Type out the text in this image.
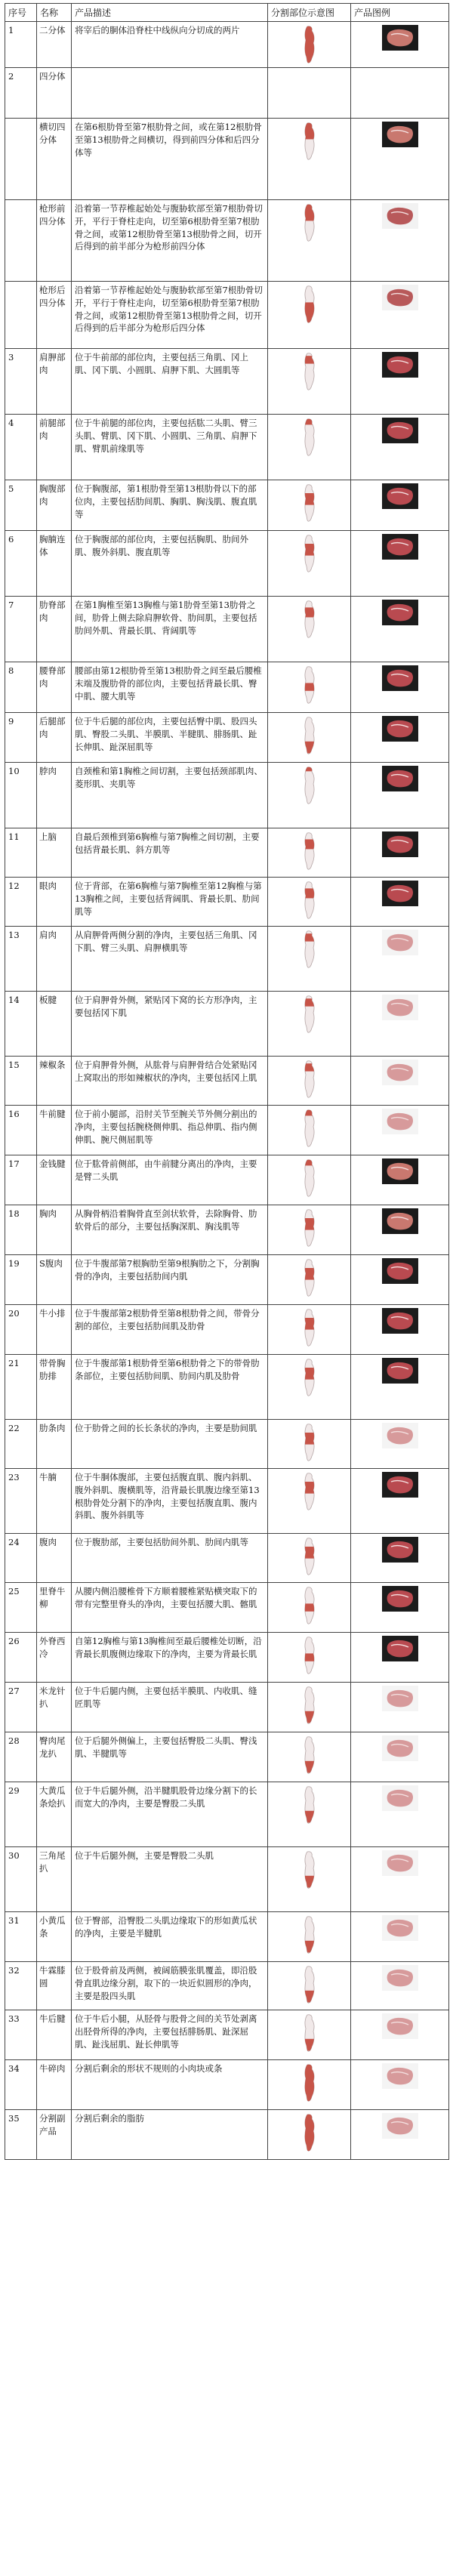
序号	名称	产品描述	分割部位示意图	产品图例
1	二分体	将宰后的胴体沿脊柱中线纵向分切成的两片	

2	四分体			
	横切四分体	在第6根肋骨至第7根肋骨之间，或在第12根肋骨至第13根肋骨之间横切，得到前四分体和后四分体等	

	枪形前四分体	沿着第一节荐椎起始处与腹胁软部至第7根肋骨切开，平行于脊柱走向，切至第6根肋骨至第7根肋骨之间，或第12根肋骨至第13根肋骨之间，切开后得到的前半部分为枪形前四分体	

	枪形后四分体	沿着第一节荐椎起始处与腹胁软部至第7根肋骨切开，平行于脊柱走向，切至第6根肋骨至第7根肋骨之间，或第12根肋骨至第13根肋骨之间，切开后得到的后半部分为枪形后四分体	

3	肩胛部肉	位于牛前部的部位肉，主要包括三角肌、冈上肌、冈下肌、小圆肌、肩胛下肌、大圆肌等	

4	前腿部肉	位于牛前腿的部位肉，主要包括肱二头肌、臂三头肌、臂肌、冈下肌、小圆肌、三角肌、肩胛下肌、臂肌前缘肌等	

5	胸腹部肉	位于胸腹部，第1根肋骨至第13根肋骨以下的部位肉，主要包括肋间肌、胸肌、胸浅肌、腹直肌等	

6	胸腩连体	位于胸腹部的部位肉，主要包括胸肌、肋间外肌、腹外斜肌、腹直肌等	

7	肋脊部肉	在第1胸椎至第13胸椎与第1肋骨至第13肋骨之间，肋骨上侧去除肩胛软骨、肋间肌，主要包括肋间外肌、背最长肌、背阔肌等	

8	腰脊部肉	腰部由第12根肋骨至第13根肋骨之间至最后腰椎末端及腹肋骨的部位肉，主要包括背最长肌、臀中肌、腰大肌等	

9	后腿部肉	位于牛后腿的部位肉，主要包括臀中肌、股四头肌、臀股二头肌、半膜肌、半腱肌、腓肠肌、趾长伸肌、趾深屈肌等	

10	脖肉	自颈椎和第1胸椎之间切割，主要包括颈部肌肉、菱形肌、夹肌等	

11	上脑	自最后颈椎到第6胸椎与第7胸椎之间切割，主要包括背最长肌、斜方肌等	

12	眼肉	位于背部，在第6胸椎与第7胸椎至第12胸椎与第13胸椎之间，主要包括背阔肌、背最长肌、肋间肌等	

13	肩肉	从肩胛骨两侧分割的净肉，主要包括三角肌、冈下肌、臂三头肌、肩胛横肌等	

14	板腱	位于肩胛骨外侧，紧贴冈下窝的长方形净肉，主要包括冈下肌	

15	辣椒条	位于肩胛骨外侧，从肱骨与肩胛骨结合处紧贴冈上窝取出的形如辣椒状的净肉，主要包括冈上肌	

16	牛前腱	位于前小腿部，沿肘关节至腕关节外侧分割出的净肉，主要包括腕桡侧伸肌、指总伸肌、指内侧伸肌、腕尺侧屈肌等	

17	金钱腱	位于肱骨前侧部，由牛前腱分离出的净肉，主要是臂二头肌	

18	胸肉	从胸骨柄沿着胸骨直至剑状软骨，去除胸骨、肋软骨后的部分，主要包括胸深肌、胸浅肌等	

19	S腹肉	位于牛腹部第7根胸肋至第9根胸肋之下，分割胸骨的净肉，主要包括肋间内肌	

20	牛小排	位于牛腹部第2根肋骨至第8根肋骨之间，带骨分割的部位，主要包括肋间肌及肋骨	

21	带骨胸肋排	位于牛腹部第1根肋骨至第6根肋骨之下的带骨肋条部位，主要包括肋间肌、肋间内肌及肋骨	

22	肋条肉	位于肋骨之间的长长条状的净肉，主要是肋间肌	

23	牛腩	位于牛胴体腹部，主要包括腹直肌、腹内斜肌、腹外斜肌、腹横肌等，沿背最长肌腹边缘至第13根肋骨处分割下的净肉，主要包括腹直肌、腹内斜肌、腹外斜肌等	

24	腹肉	位于腹肋部，主要包括肋间外肌、肋间内肌等	

25	里脊牛柳	从腰内侧沿腰椎骨下方顺着腰椎紧贴横突取下的带有完整里脊头的净肉，主要包括腰大肌、髂肌	

26	外脊西冷	自第12胸椎与第13胸椎间至最后腰椎处切断，沿背最长肌腹侧边缘取下的净肉，主要为背最长肌	

27	米龙针扒	位于牛后腿内侧，主要包括半膜肌、内收肌、缝匠肌等	

28	臀肉尾龙扒	位于后腿外侧偏上，主要包括臀股二头肌、臀浅肌、半腱肌等	

29	大黄瓜条烩扒	位于牛后腿外侧，沿半腱肌股骨边缘分割下的长而宽大的净肉，主要是臀股二头肌	

30	三角尾扒	位于牛后腿外侧，主要是臀股二头肌	

31	小黄瓜条	位于臀部，沿臀股二头肌边缘取下的形如黄瓜状的净肉，主要是半腱肌	

32	牛霖膝圆	位于股骨前及两侧，被阔筋膜张肌覆盖，即沿股骨直肌边缘分割，取下的一块近似圆形的净肉，主要是股四头肌	

33	牛后腱	位于牛后小腿，从胫骨与股骨之间的关节处剥离出胫骨所得的净肉，主要包括腓肠肌、趾深屈肌、趾浅屈肌、趾长伸肌等	

34	牛碎肉	分割后剩余的形状不规则的小肉块或条	

35	分割副产品	分割后剩余的脂肪	
